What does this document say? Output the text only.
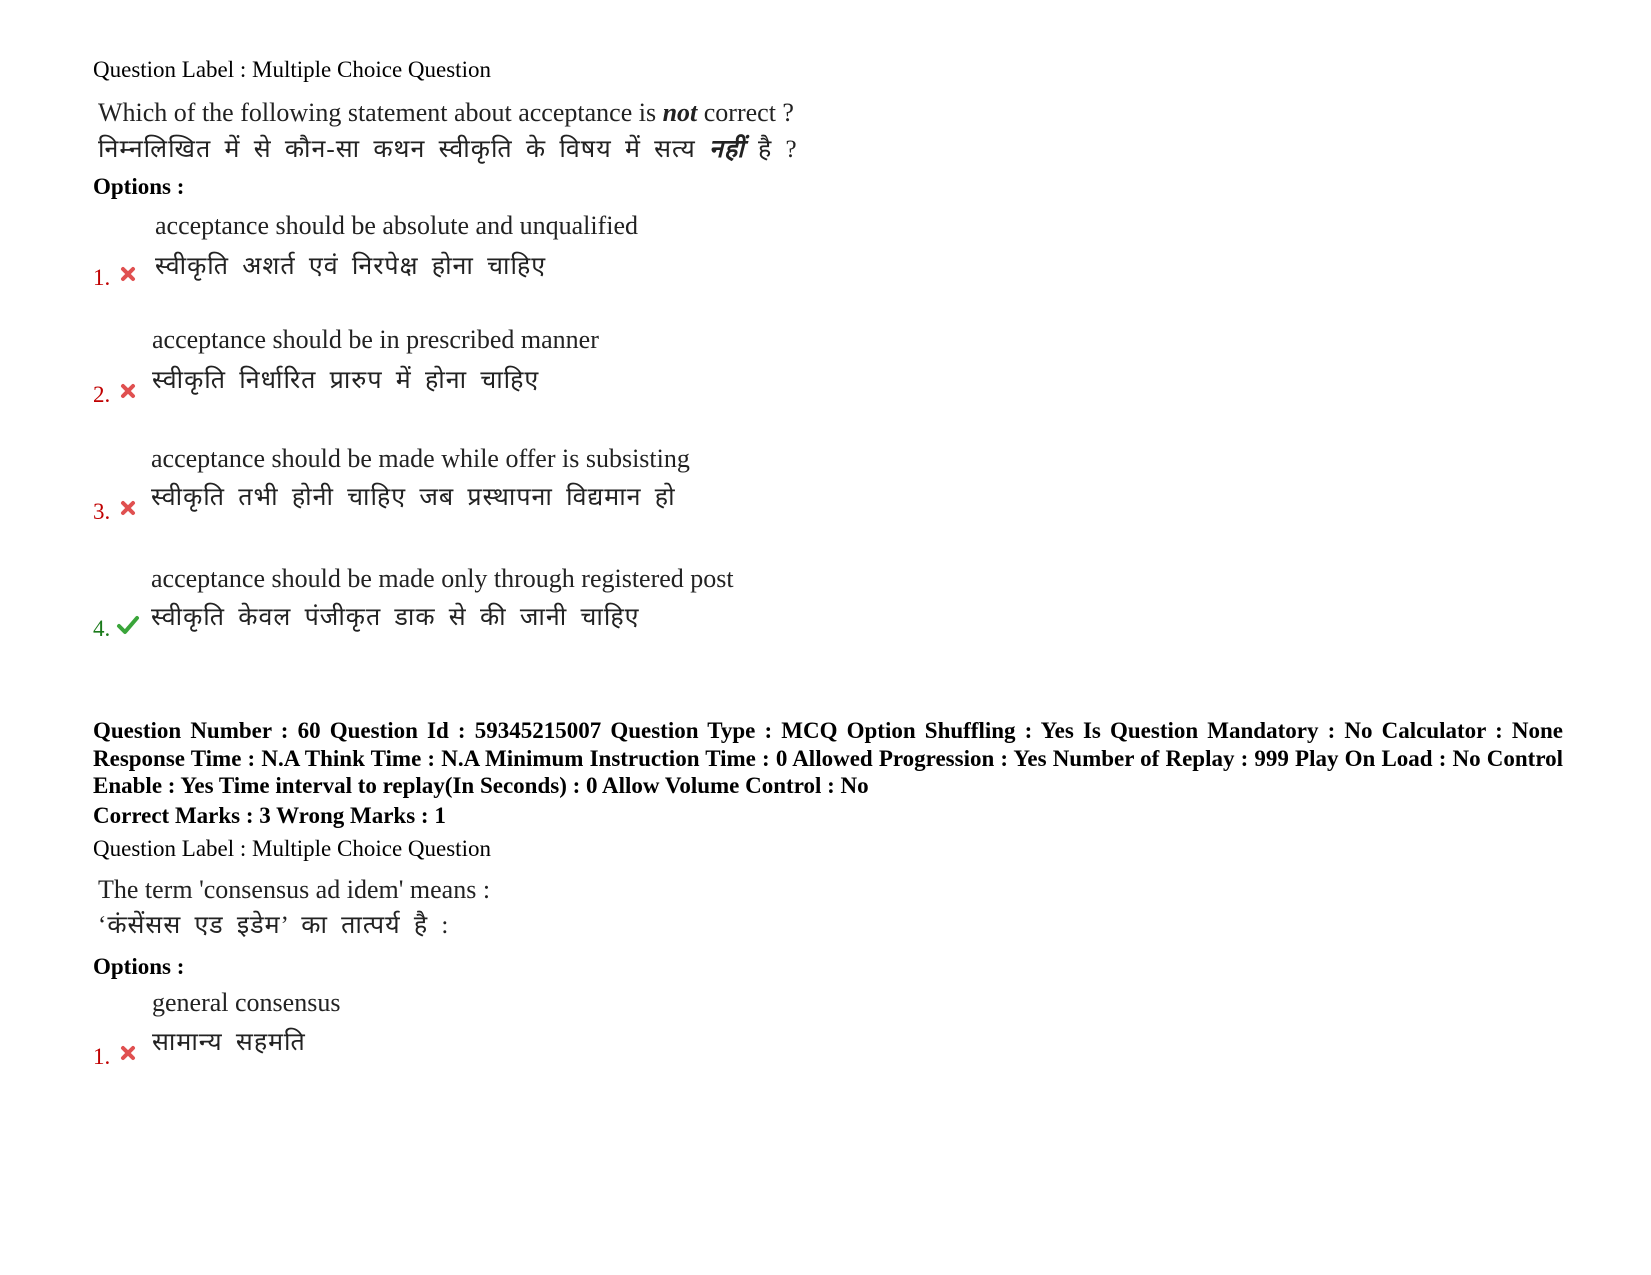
Question Label : Multiple Choice Question
Which of the following statement about acceptance is not correct ?
निम्नलिखित में से कौन-सा कथन स्वीकृति के विषय में सत्य नहीं है ?
Options :
acceptance should be absolute and unqualified
स्वीकृति अशर्त एवं निरपेक्ष होना चाहिए
1.
acceptance should be in prescribed manner
स्वीकृति निर्धारित प्रारुप में होना चाहिए
2.
acceptance should be made while offer is subsisting
स्वीकृति तभी होनी चाहिए जब प्रस्थापना विद्यमान हो
3.
acceptance should be made only through registered post
स्वीकृति केवल पंजीकृत डाक से की जानी चाहिए
4.
Question Number : 60 Question Id : 59345215007 Question Type : MCQ Option Shuffling : Yes Is Question Mandatory : No Calculator : None Response Time : N.A Think Time : N.A Minimum Instruction Time : 0 Allowed Progression : Yes Number of Replay : 999 Play On Load : No Control Enable : Yes Time interval to replay(In Seconds) : 0 Allow Volume Control : No
Correct Marks : 3 Wrong Marks : 1
Question Label : Multiple Choice Question
The term 'consensus ad idem' means :
‘कंसेंसस एड इडेम’ का तात्पर्य है :
Options :
general consensus
सामान्य सहमति
1.
